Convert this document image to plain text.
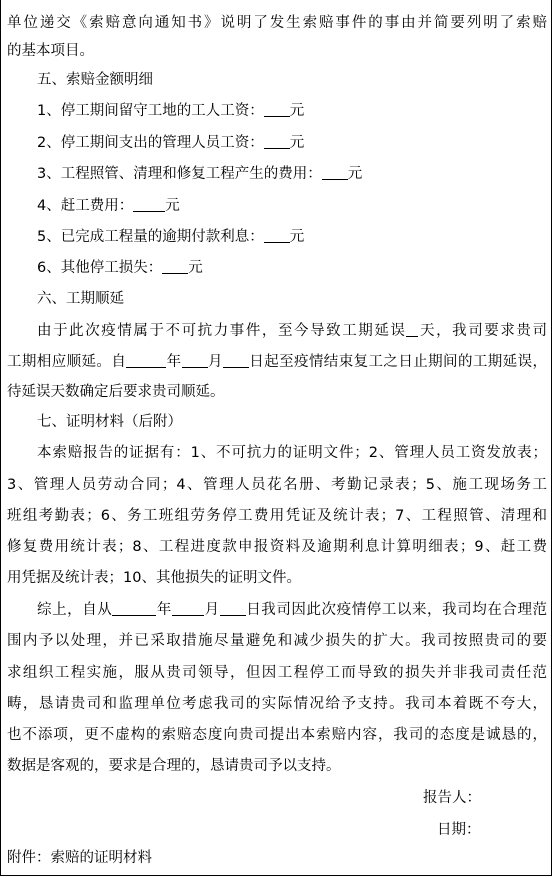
单位递交《索赔意向通知书》说明了发生索赔事件的事由并简要列明了索赔
的基本项目。
五、索赔金额明细
1、停工期间留守工地的工人工资： 元
2、停工期间支出的管理人员工资： 元
3、工程照管、清理和修复工程产生的费用： 元
4、赶工费用： 元
5、已完成工程量的逾期付款利息： 元
6、其他停工损失： 元
六、工期顺延
由于此次疫情属于不可抗力事件，至今导致工期延误 天，我司要求贵司
工期相应顺延。自	年 月 日起至疫情结束复工之日止期间的工期延误，
待延误天数确定后要求贵司顺延。
七、证明材料（后附）
本索赔报告的证据有：1、不可抗力的证明文件；2、管理人员工资发放表；
3、管理人员劳动合同；4、管理人员花名册、考勤记录表；5、施工现场务工
班组考勤表；6、务工班组劳务停工费用凭证及统计表；7、工程照管、清理和
修复费用统计表；8、工程进度款申报资料及逾期利息计算明细表；9、赶工费
用凭据及统计表；10、其他损失的证明文件。
综上，自从	年 月 日我司因此次疫情停工以来，我司均在合理范
围内予以处理，并已采取措施尽量避免和减少损失的扩大。我司按照贵司的要
求组织工程实施，服从贵司领导，但因工程停工而导致的损失并非我司责任范
畴，恳请贵司和监理单位考虑我司的实际情况给予支持。我司本着既不夸大，
也不添项，更不虚构的索赔态度向贵司提出本索赔内容，我司的态度是诚恳的，
数据是客观的，要求是合理的，恳请贵司予以支持。
报告人：
日期：
附件：索赔的证明材料
